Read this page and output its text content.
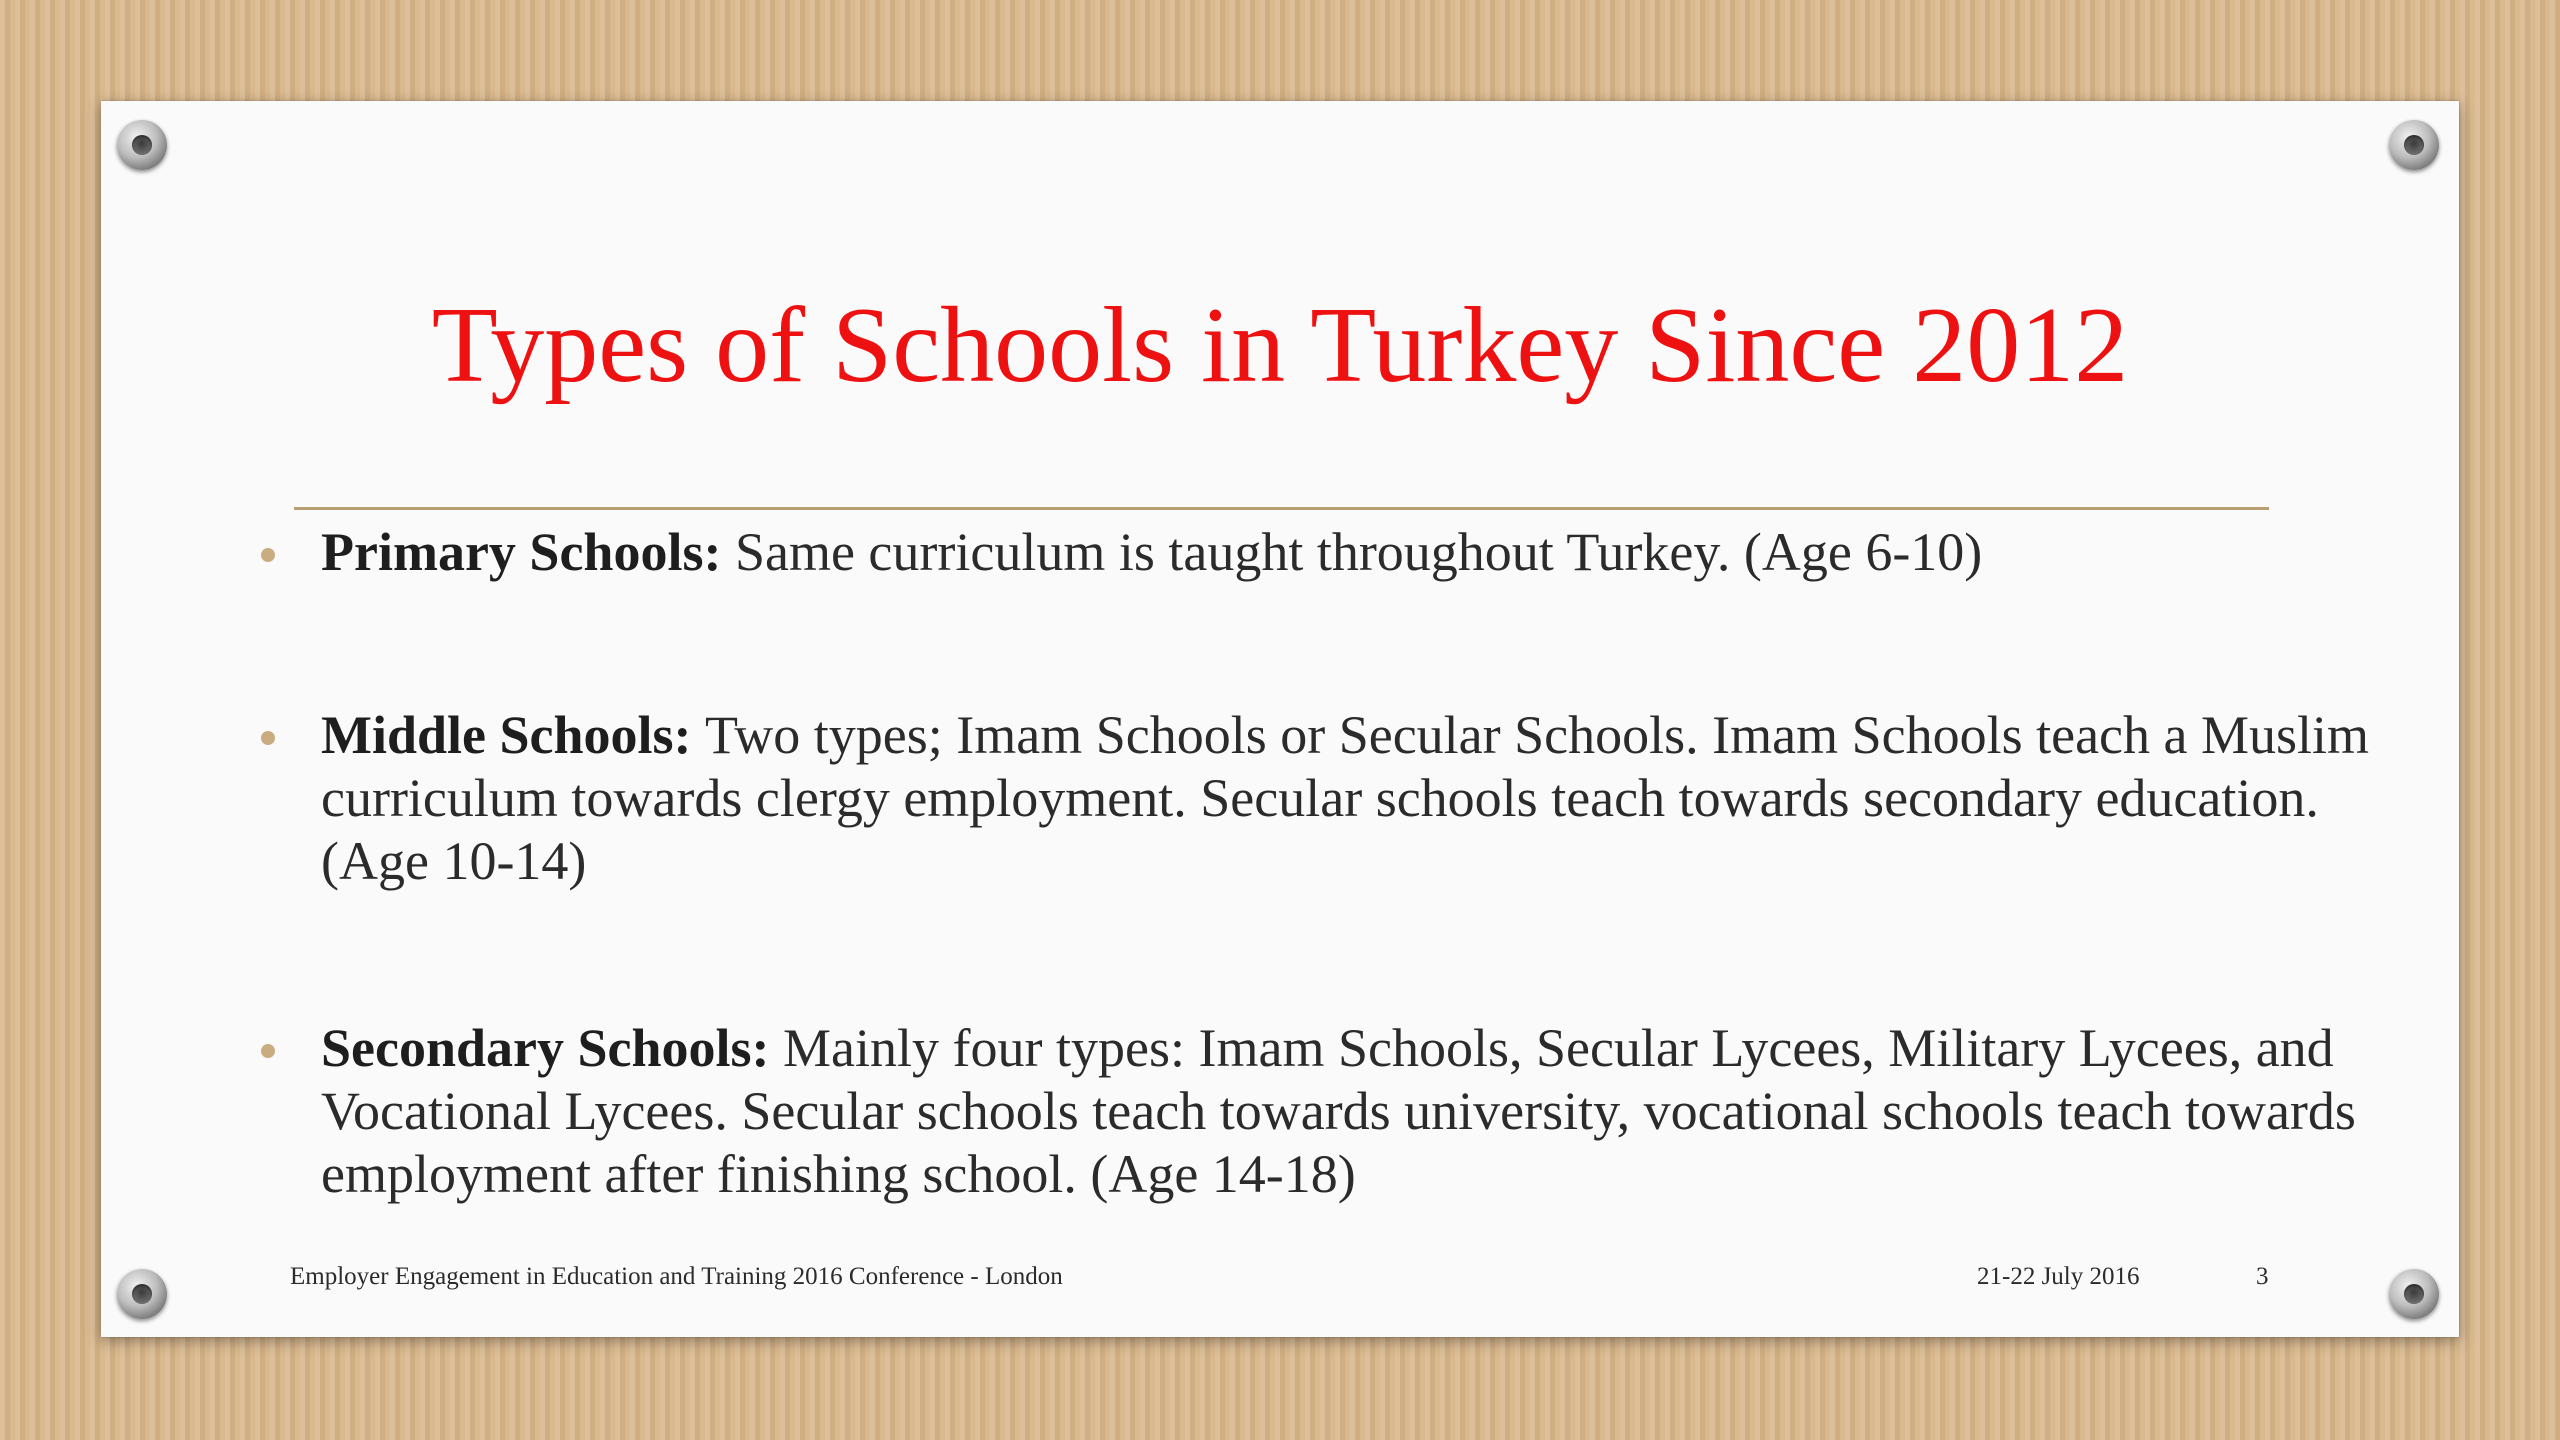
Types of Schools in Turkey Since 2012
Primary Schools: Same curriculum is taught throughout Turkey. (Age 6-10)
Middle Schools: Two types; Imam Schools or Secular Schools. Imam Schools teach a Muslim curriculum towards clergy employment. Secular schools teach towards secondary education. (Age 10-14)
Secondary Schools: Mainly four types: Imam Schools, Secular Lycees, Military Lycees, and Vocational Lycees. Secular schools teach towards university, vocational schools teach towards employment after finishing school. (Age 14-18)
Employer Engagement in Education and Training 2016 Conference - London	21-22 July 2016	3
